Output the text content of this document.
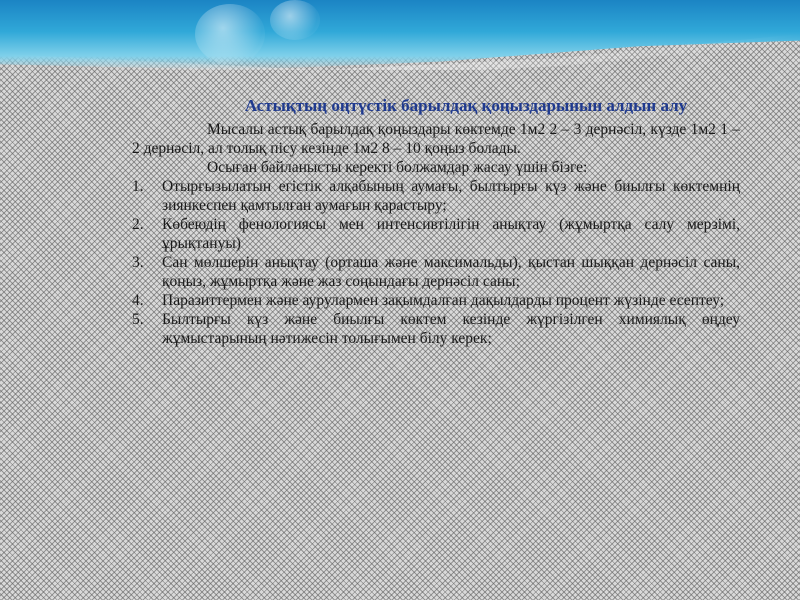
Астықтың оңтүстік барылдақ қоңыздарынын алдын алу

Мысалы астық барылдақ қоңыздары көктемде 1м2 2 – 3 дернәсіл, күзде 1м2 1 – 2 дернәсіл, ал толық пісу кезінде 1м2 8 – 10 қоңыз болады.

Осыған байланысты керекті болжамдар жасау үшін бізге:

1. Отырғызылатын егістік алқабының аумағы, былтырғы күз және биылғы көктемнің зиянкеспен қамтылған аумағын қарастыру;
2. Көбеюдің фенологиясы мен интенсивтілігін анықтау (жұмыртқа салу мерзімі, ұрықтануы)
3. Сан мөлшерін анықтау (орташа және максимальды), қыстан шыққан дернәсіл саны, қоңыз, жұмыртқа және жаз соңындағы дернәсіл саны;
4. Паразиттермен және аурулармен зақымдалған дақылдарды процент жүзінде есептеу;
5. Былтырғы күз және биылғы көктем кезінде жүргізілген химиялық өңдеу жұмыстарының нәтижесін толығымен білу керек;
